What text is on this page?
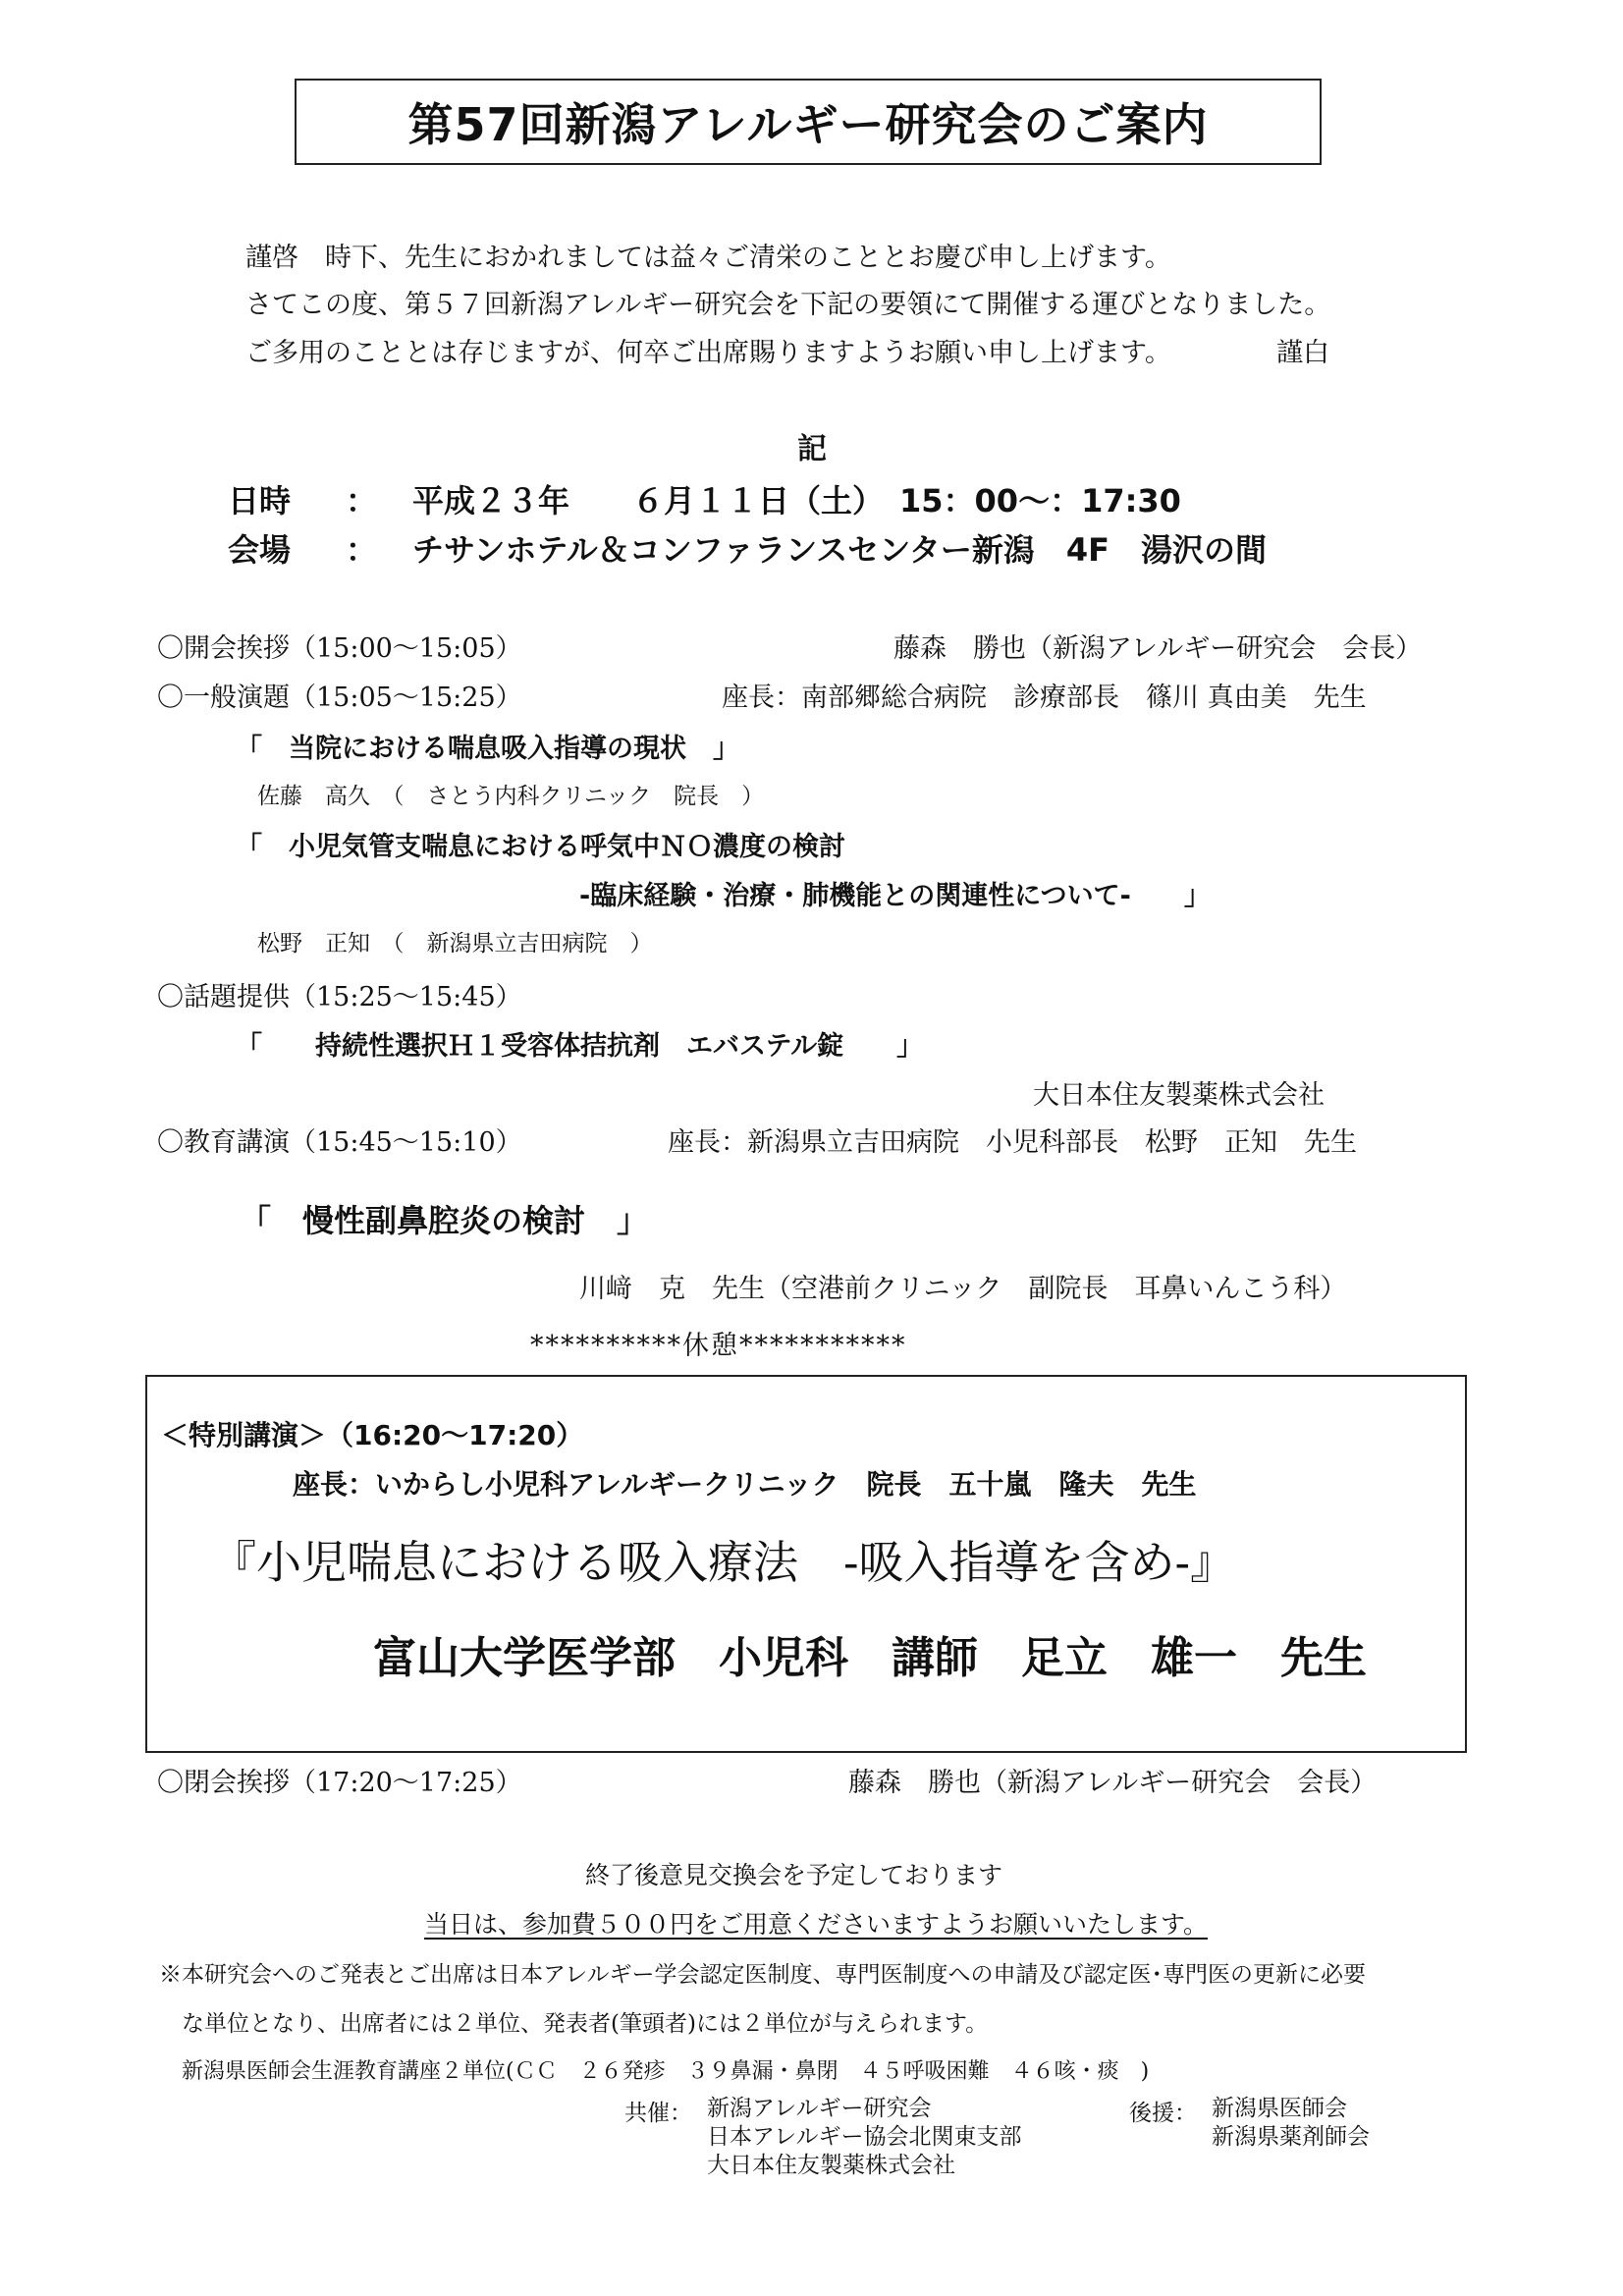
第57回新潟アレルギー研究会のご案内
謹啓　時下、先生におかれましては益々ご清栄のこととお慶び申し上げます。
さてこの度、第５７回新潟アレルギー研究会を下記の要領にて開催する運びとなりました。
ご多用のこととは存じますが、何卒ご出席賜りますようお願い申し上げます。	謹白
記
日時 ： 平成２３年　　６月１１日（土）　15：00～：17:30
会場 ： チサンホテル＆コンファランスセンター新潟　4F　湯沢の間
〇開会挨拶（15:00～15:05）	藤森　勝也（新潟アレルギー研究会　会長）
〇一般演題（15:05～15:25）	座長：南部郷総合病院　診療部長　篠川 真由美　先生
「　当院における喘息吸入指導の現状　」
佐藤　高久　（　さとう内科クリニック　院長　）
「　小児気管支喘息における呼気中ＮＯ濃度の検討
-臨床経験・治療・肺機能との関連性について-　　」
松野　正知　（　新潟県立吉田病院　）
〇話題提供（15:25～15:45）
「　　持続性選択Ｈ１受容体拮抗剤　エバステル錠　　」
大日本住友製薬株式会社
〇教育講演（15:45～15:10）	座長：新潟県立吉田病院　小児科部長　松野　正知　先生
「　慢性副鼻腔炎の検討　」
川﨑　克　先生（空港前クリニック　副院長　耳鼻いんこう科）
**********休憩***********
＜特別講演＞（16:20～17:20）
座長：いからし小児科アレルギークリニック　院長　五十嵐　隆夫　先生
『小児喘息における吸入療法　-吸入指導を含め-』
富山大学医学部　小児科　講師　足立　雄一　先生
〇閉会挨拶（17:20～17:25）	藤森　勝也（新潟アレルギー研究会　会長）
終了後意見交換会を予定しております
当日は、参加費５００円をご用意くださいますようお願いいたします。
※本研究会へのご発表とご出席は日本アレルギー学会認定医制度、専門医制度への申請及び認定医･専門医の更新に必要
な単位となり、出席者には２単位、発表者(筆頭者)には２単位が与えられます。
新潟県医師会生涯教育講座２単位(ＣＣ　２６発疹　３９鼻漏・鼻閉　４５呼吸困難　４６咳・痰　)
共催： 新潟アレルギー研究会
日本アレルギー協会北関東支部
大日本住友製薬株式会社
後援： 新潟県医師会
新潟県薬剤師会
